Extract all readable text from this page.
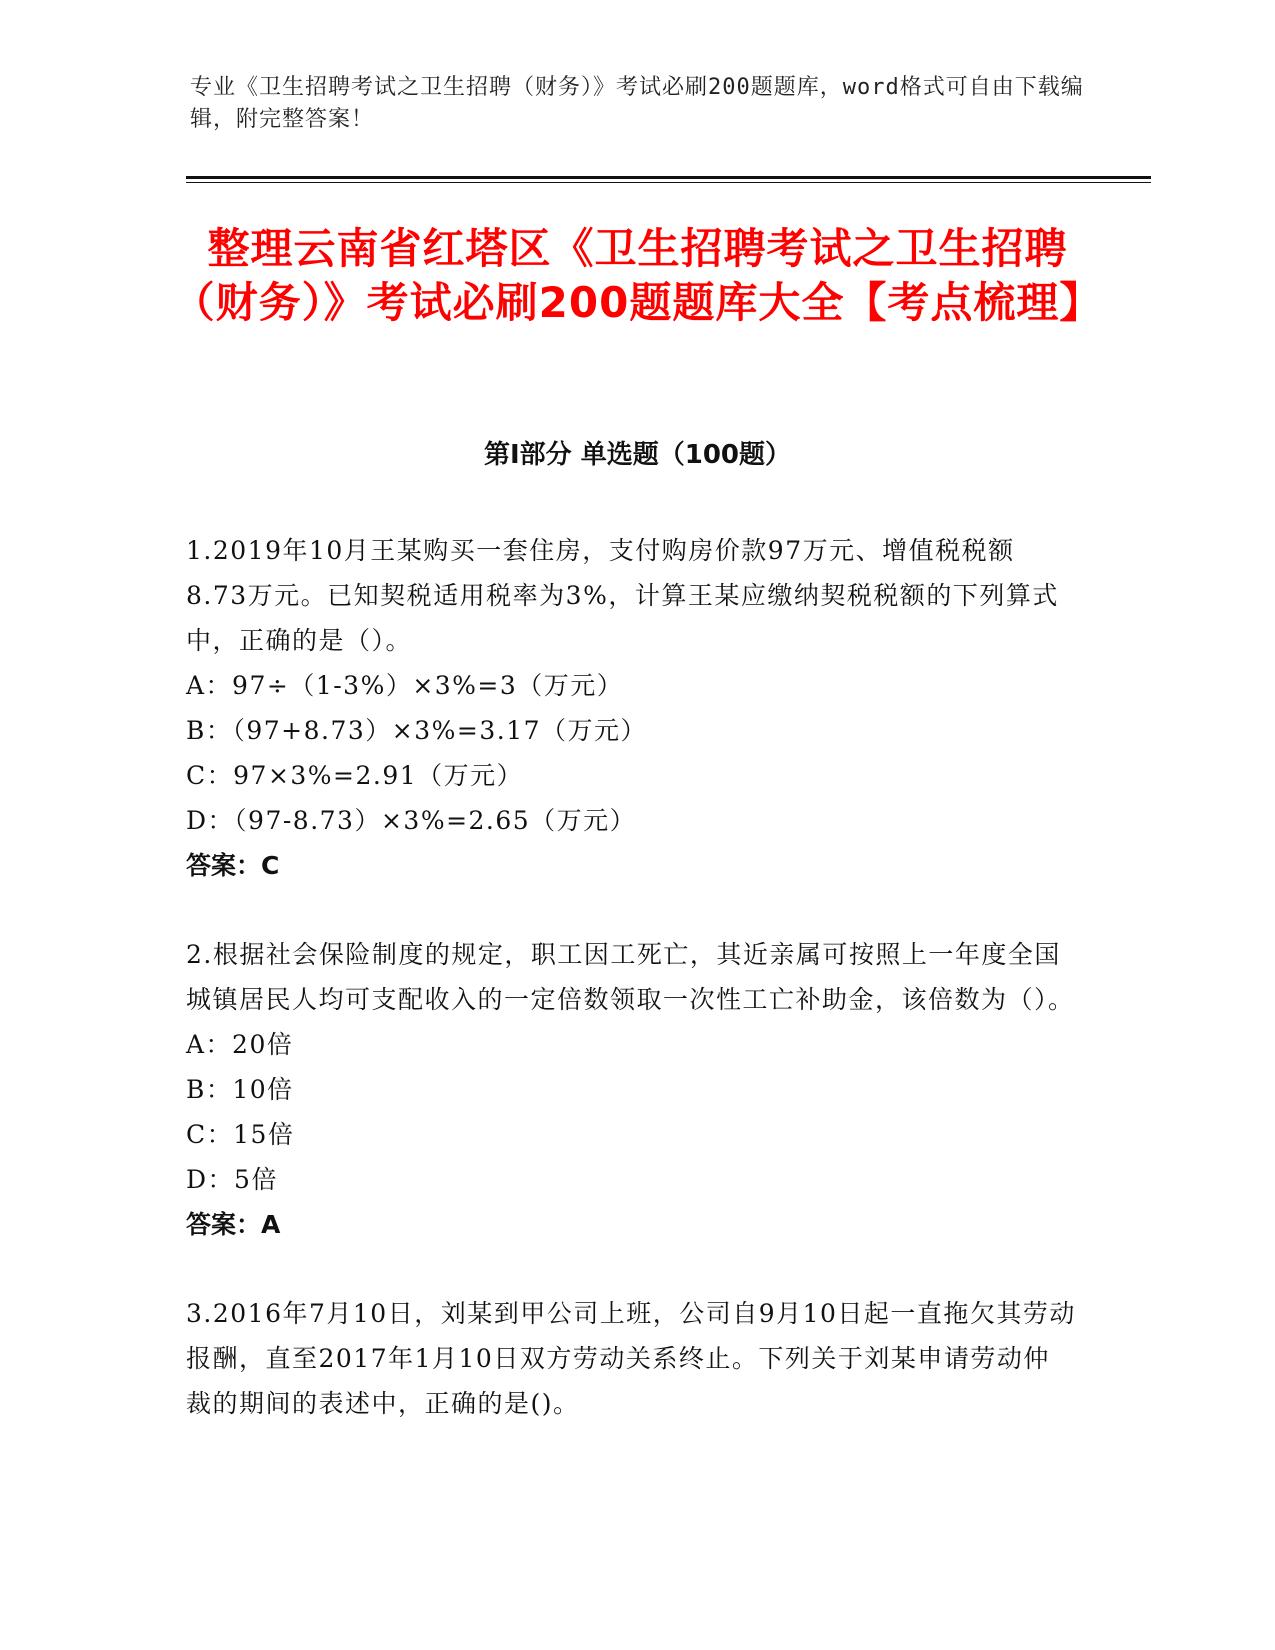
专业《卫生招聘考试之卫生招聘（财务）》考试必刷200题题库，word格式可自由下载编辑，附完整答案！
整理云南省红塔区《卫生招聘考试之卫生招聘（财务）》考试必刷200题题库大全【考点梳理】
第Ⅰ部分 单选题（100题）
1.2019年10月王某购买一套住房，支付购房价款97万元、增值税税额8.73万元。已知契税适用税率为3%，计算王某应缴纳契税税额的下列算式中，正确的是（）。
A：97÷（1-3%）×3%=3（万元）
B：（97+8.73）×3%=3.17（万元）
C：97×3%=2.91（万元）
D：（97-8.73）×3%=2.65（万元）
答案：C
2.根据社会保险制度的规定，职工因工死亡，其近亲属可按照上一年度全国城镇居民人均可支配收入的一定倍数领取一次性工亡补助金，该倍数为（）。
A：20倍
B：10倍
C：15倍
D：5倍
答案：A
3.2016年7月10日，刘某到甲公司上班，公司自9月10日起一直拖欠其劳动报酬，直至2017年1月10日双方劳动关系终止。下列关于刘某申请劳动仲裁的期间的表述中，正确的是()。
